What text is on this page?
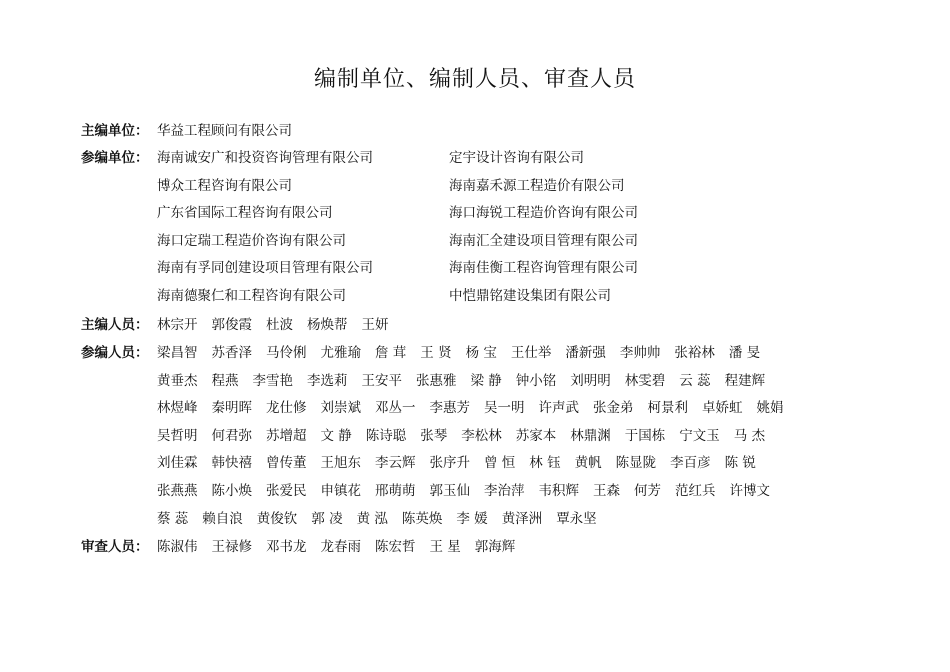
编制单位、编制人员、审查人员
主编单位： 华益工程顾问有限公司
参编单位： 海南诚安广和投资咨询管理有限公司	定宇设计咨询有限公司
博众工程咨询有限公司	海南嘉禾源工程造价有限公司
广东省国际工程咨询有限公司	海口海锐工程造价咨询有限公司
海口定瑞工程造价咨询有限公司	海南汇全建设项目管理有限公司
海南有孚同创建设项目管理有限公司	海南佳衡工程咨询管理有限公司
海南德聚仁和工程咨询有限公司	中恺鼎铭建设集团有限公司
主编人员： 林宗开 郭俊霞 杜波 杨焕帮 王妍
参编人员： 梁昌智 苏香泽 马伶俐 尤雅瑜 詹 茸 王 贤 杨 宝 王仕举 潘新强 李帅帅 张裕林 潘 旻
黄垂杰 程燕 李雪艳 李选莉 王安平 张惠雅 梁 静 钟小铭 刘明明 林雯碧 云 蕊 程建辉
林煜峰 秦明晖 龙仕修 刘崇斌 邓丛一 李惠芳 吴一明 许声武 张金弟 柯景利 卓娇虹 姚娟
吴哲明 何君弥 苏增超 文 静 陈诗聪 张琴 李松林 苏家本 林鼎渊 于国栋 宁文玉 马 杰
刘佳霖 韩快禧 曾传董 王旭东 李云辉 张序升 曾 恒 林 钰 黄帆 陈显陇 李百彦 陈 锐
张燕燕 陈小焕 张爱民 申镇花 邢萌萌 郭玉仙 李治萍 韦积辉 王森 何芳 范红兵 许博文
蔡 蕊 赖自浪 黄俊钦 郭 凌 黄 泓 陈英焕 李 媛 黄泽洲 覃永坚
审查人员： 陈淑伟 王禄修 邓书龙 龙春雨 陈宏哲 王 星 郭海辉
